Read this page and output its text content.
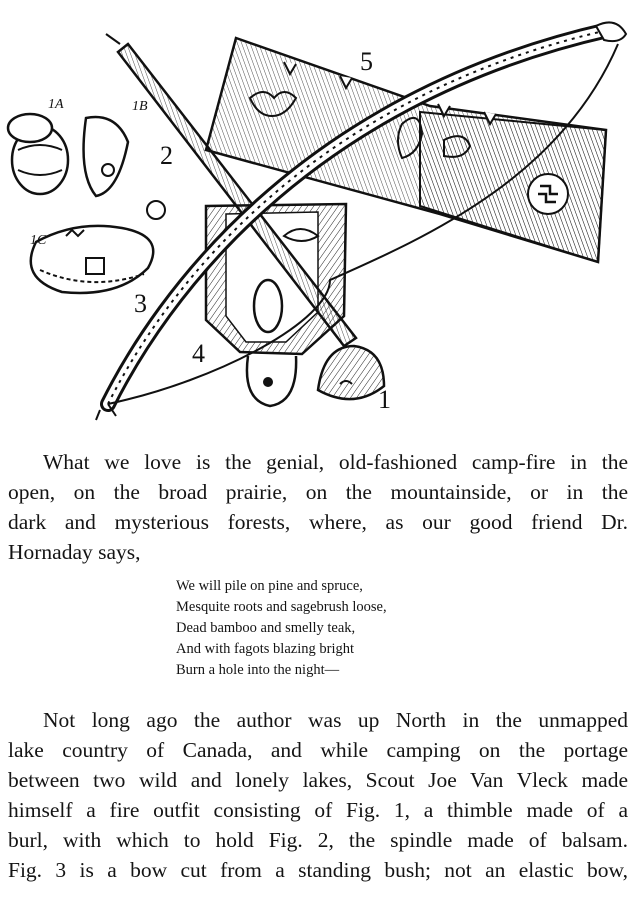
1
1A	1B
1C
2
3
4
5
What we love is the genial, old-fashioned camp-fire in the
open, on the broad prairie, on the mountainside, or in the
dark and mysterious forests, where, as our good friend Dr.
Hornaday says,
We will pile on pine and spruce,
Mesquite roots and sagebrush loose,
Dead bamboo and smelly teak,
And with fagots blazing bright
Burn a hole into the night—
Not long ago the author was up North in the unmapped
lake country of Canada, and while camping on the portage
between two wild and lonely lakes, Scout Joe Van Vleck made
himself a fire outfit consisting of Fig. 1, a thimble made of a
burl, with which to hold Fig. 2, the spindle made of balsam.
Fig. 3 is a bow cut from a standing bush; not an elastic bow,
